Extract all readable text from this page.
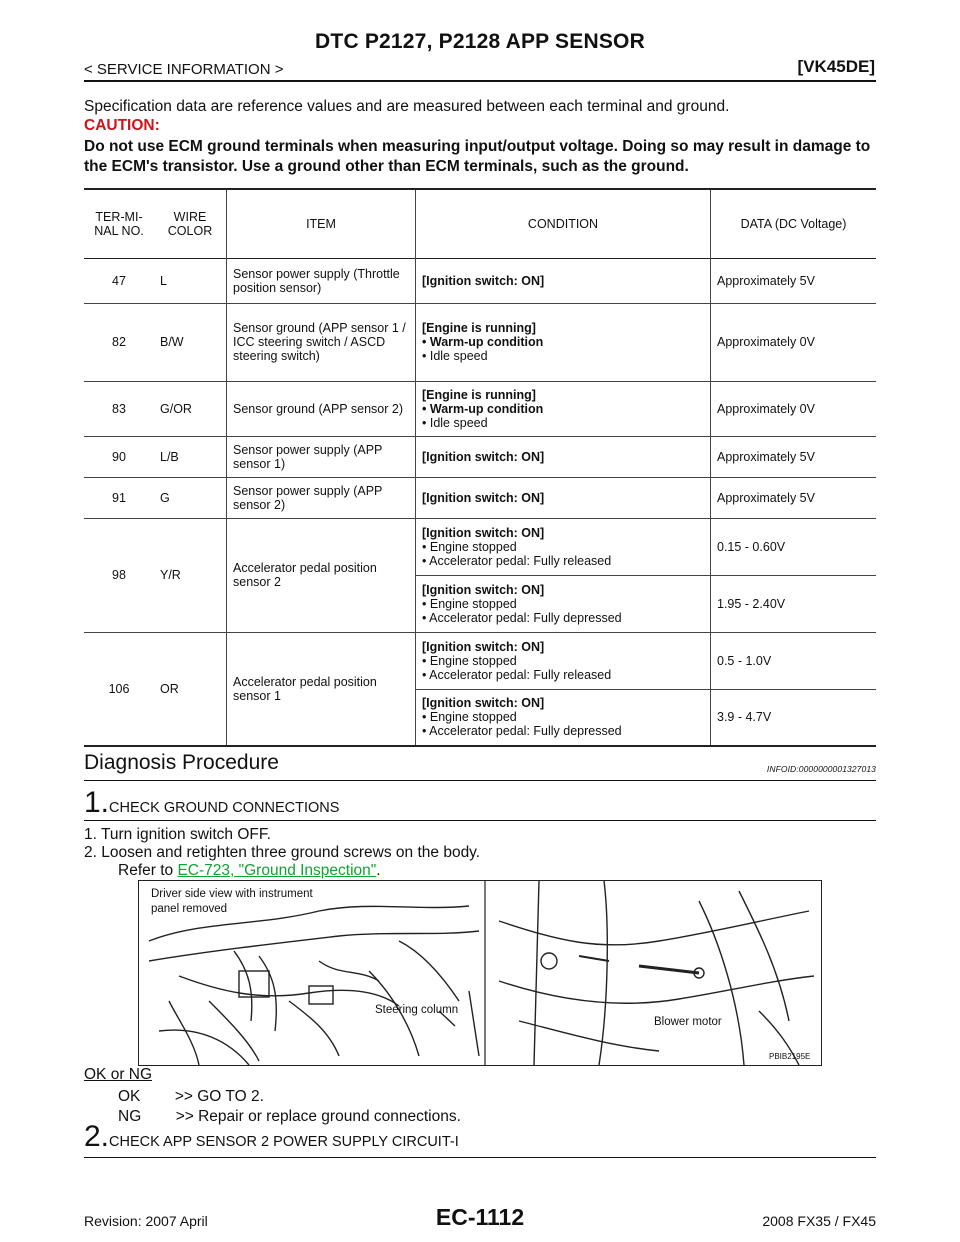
DTC P2127, P2128 APP SENSOR
< SERVICE INFORMATION >	[VK45DE]
Specification data are reference values and are measured between each terminal and ground.
CAUTION:
Do not use ECM ground terminals when measuring input/output voltage. Doing so may result in damage to the ECM's transistor. Use a ground other than ECM terminals, such as the ground.
TER-MI-NAL NO.	WIRE COLOR	ITEM	CONDITION	DATA (DC Voltage)
47	L	Sensor power supply (Throttle position sensor)	[Ignition switch: ON]	Approximately 5V
82	B/W	Sensor ground (APP sensor 1 / ICC steering switch / ASCD steering switch)	[Engine is running]
• Warm-up condition
• Idle speed	Approximately 0V
83	G/OR	Sensor ground (APP sensor 2)	[Engine is running]
• Warm-up condition
• Idle speed	Approximately 0V
90	L/B	Sensor power supply (APP sensor 1)	[Ignition switch: ON]	Approximately 5V
91	G	Sensor power supply (APP sensor 2)	[Ignition switch: ON]	Approximately 5V
98	Y/R	Accelerator pedal position sensor 2	[Ignition switch: ON]
• Engine stopped
• Accelerator pedal: Fully released	0.15 - 0.60V

			[Ignition switch: ON]
• Engine stopped
• Accelerator pedal: Fully depressed	1.95 - 2.40V
106	OR	Accelerator pedal position sensor 1	[Ignition switch: ON]
• Engine stopped
• Accelerator pedal: Fully released	0.5 - 1.0V

			[Ignition switch: ON]
• Engine stopped
• Accelerator pedal: Fully depressed	3.9 - 4.7V
Diagnosis Procedure	INFOID:0000000001327013
1.CHECK GROUND CONNECTIONS
1. Turn ignition switch OFF.
2. Loosen and retighten three ground screws on the body.
Refer to EC-723, "Ground Inspection".
Driver side view with instrument
panel removed
Steering column
Blower motor
PBIB2195E
OK or NG
OK        >> GO TO 2.
NG        >> Repair or replace ground connections.
2.CHECK APP SENSOR 2 POWER SUPPLY CIRCUIT-I
EC-1112
Revision: 2007 April	2008 FX35 / FX45
